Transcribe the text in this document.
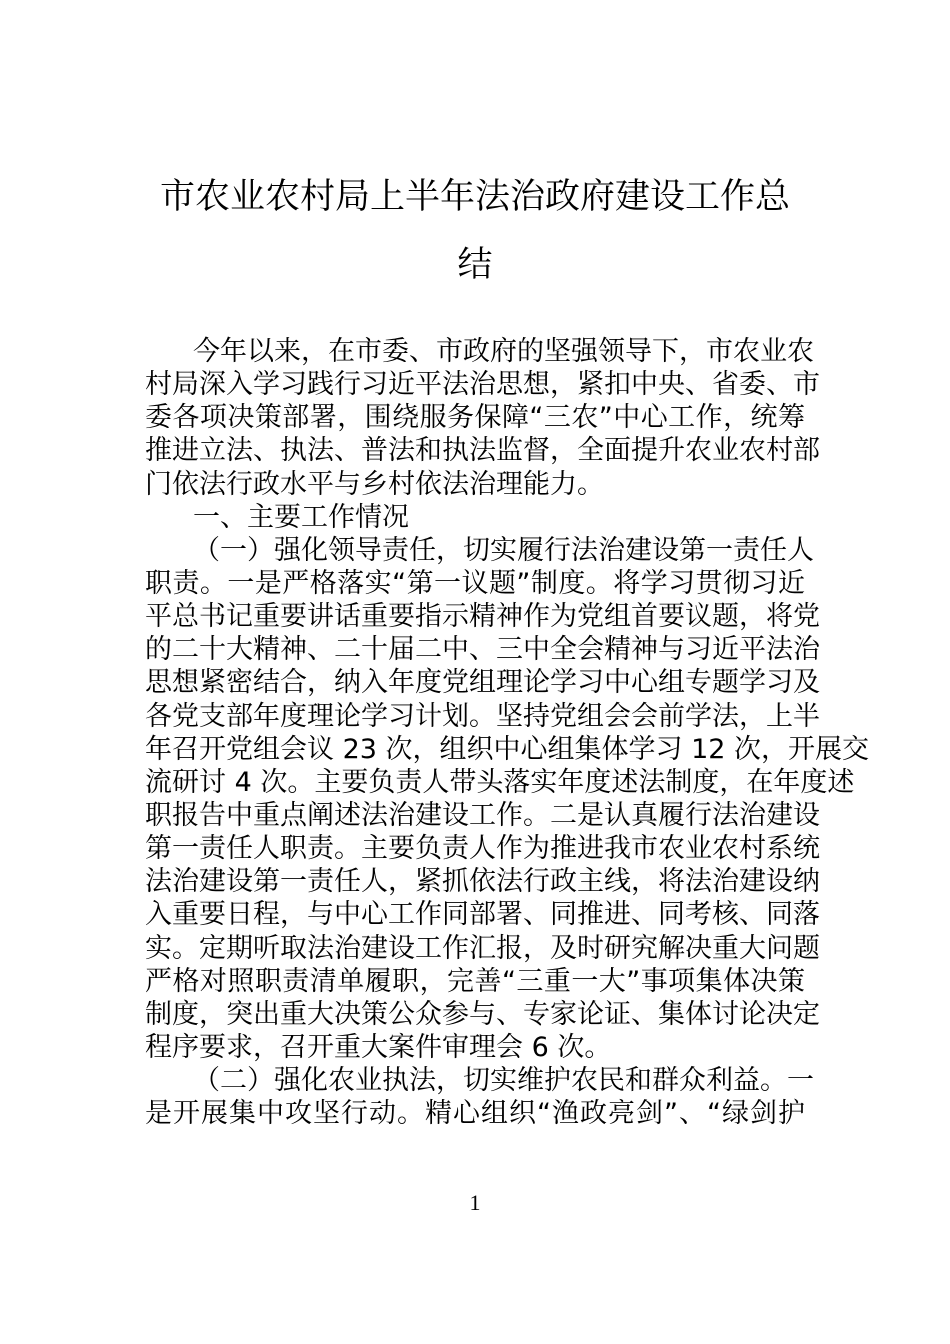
市农业农村局上半年法治政府建设工作总
结
今年以来，在市委、市政府的坚强领导下，市农业农
村局深入学习践行习近平法治思想，紧扣中央、省委、市
委各项决策部署，围绕服务保障“三农”中心工作，统筹
推进立法、执法、普法和执法监督，全面提升农业农村部
门依法行政水平与乡村依法治理能力。
一、主要工作情况
（一）强化领导责任，切实履行法治建设第一责任人
职责。一是严格落实“第一议题”制度。将学习贯彻习近
平总书记重要讲话重要指示精神作为党组首要议题，将党
的二十大精神、二十届二中、三中全会精神与习近平法治
思想紧密结合，纳入年度党组理论学习中心组专题学习及
各党支部年度理论学习计划。坚持党组会会前学法，上半
年召开党组会议 23 次，组织中心组集体学习 12 次，开展交
流研讨 4 次。主要负责人带头落实年度述法制度，在年度述
职报告中重点阐述法治建设工作。二是认真履行法治建设
第一责任人职责。主要负责人作为推进我市农业农村系统
法治建设第一责任人，紧抓依法行政主线，将法治建设纳
入重要日程，与中心工作同部署、同推进、同考核、同落
实。定期听取法治建设工作汇报，及时研究解决重大问题
严格对照职责清单履职，完善“三重一大”事项集体决策
制度，突出重大决策公众参与、专家论证、集体讨论决定
程序要求，召开重大案件审理会 6 次。
（二）强化农业执法，切实维护农民和群众利益。一
是开展集中攻坚行动。精心组织“渔政亮剑”、“绿剑护
1
